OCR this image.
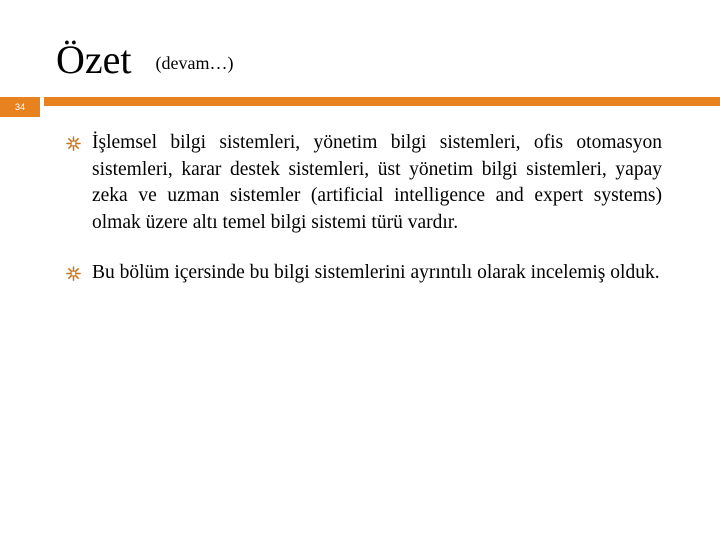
Özet (devam…)
34
İşlemsel bilgi sistemleri, yönetim bilgi sistemleri, ofis otomasyon sistemleri, karar destek sistemleri, üst yönetim bilgi sistemleri, yapay zeka ve uzman sistemler (artificial intelligence and expert systems) olmak üzere altı temel bilgi sistemi türü vardır.
Bu bölüm içersinde bu bilgi sistemlerini ayrıntılı olarak incelemiş olduk.
